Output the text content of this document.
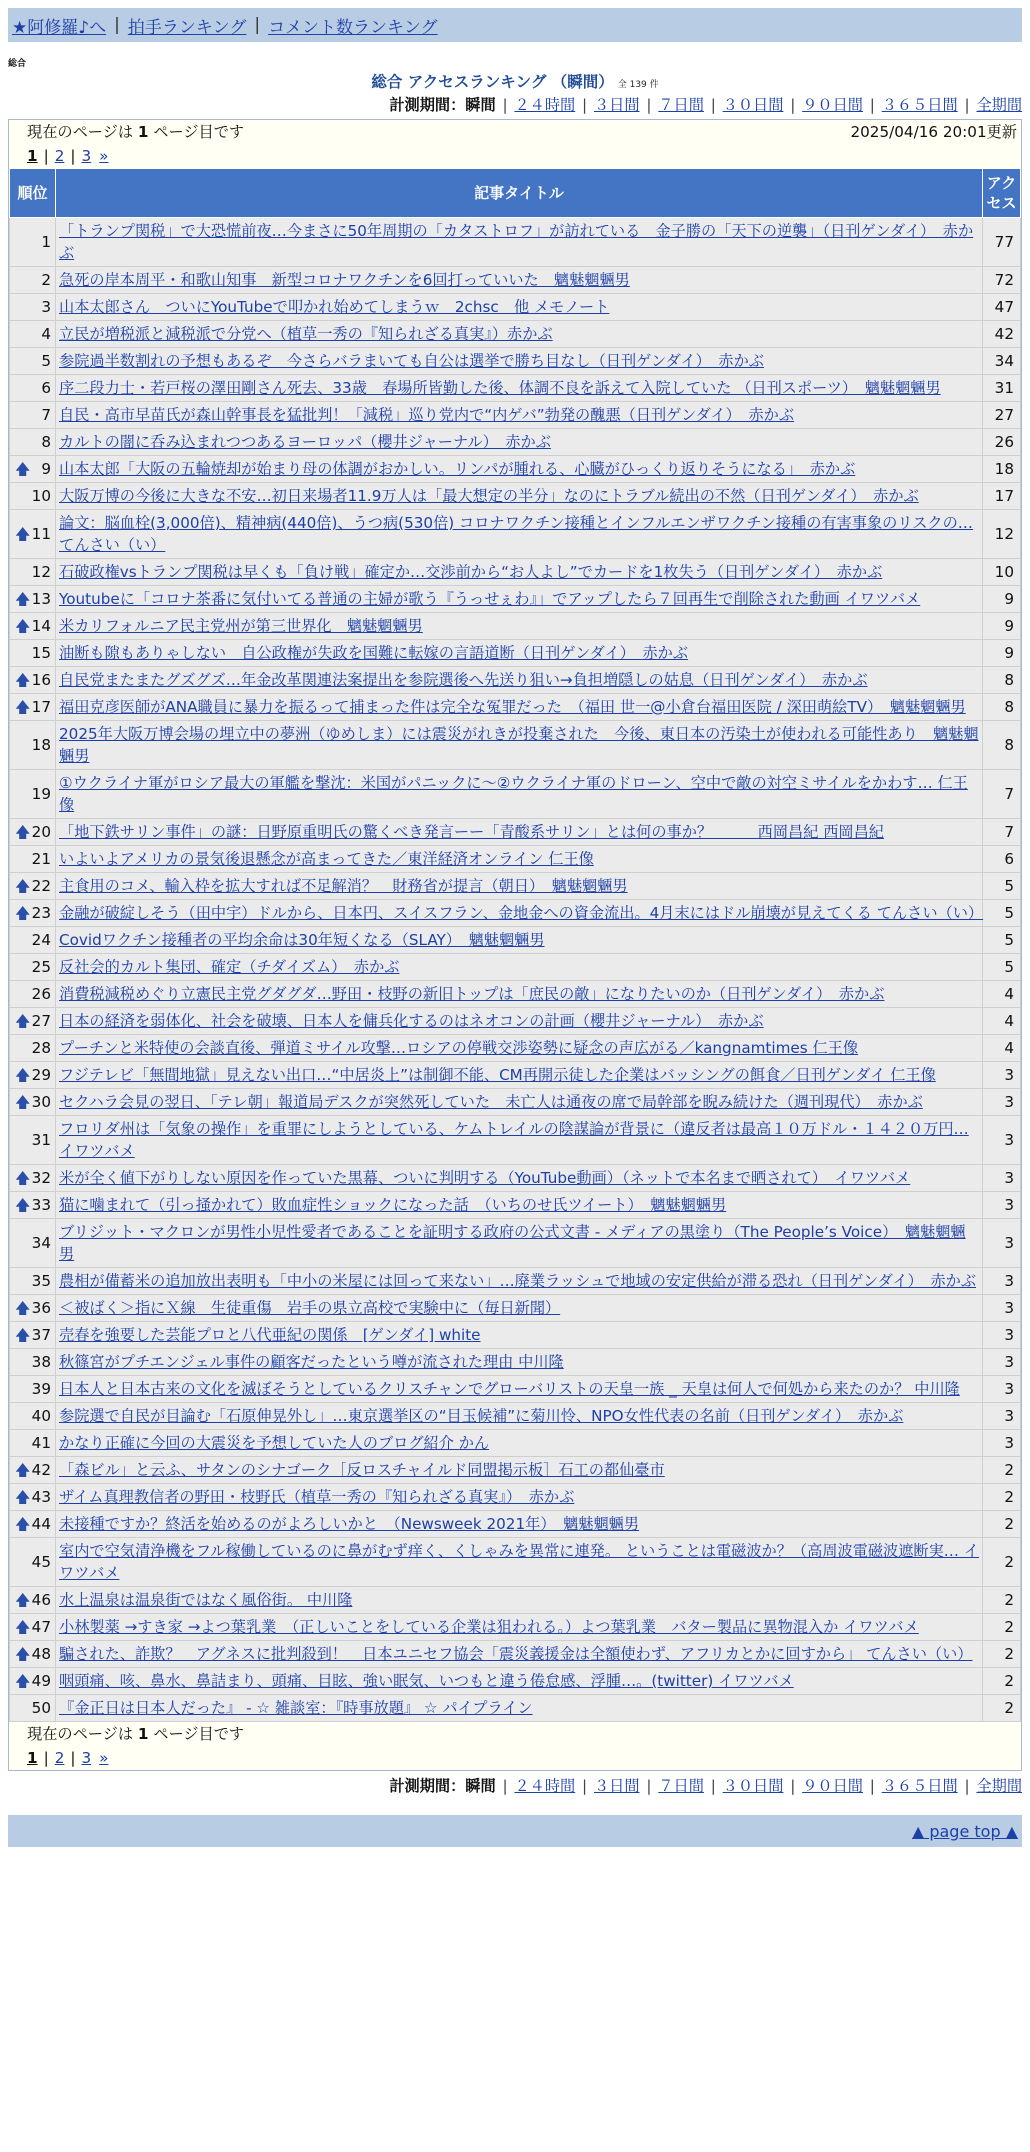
★阿修羅♪へ | 拍手ランキング | コメント数ランキング
総合
総合 アクセスランキング （瞬間） 全 139 件
計測期間：瞬間 | ２４時間 | ３日間 | ７日間 | ３０日間 | ９０日間 | ３６５日間 | 全期間
現在のページは 1 ページ目です	2025/04/16 20:01更新
1 | 2 | 3 »
順位	記事タイトル	アクセス
1	「トランプ関税」で大恐慌前夜…今まさに50年周期の「カタストロフ」が訪れている　金子勝の「天下の逆襲」（日刊ゲンダイ）　赤かぶ	77
2	急死の岸本周平・和歌山知事　新型コロナワクチンを6回打っていいた　魑魅魍魎男	72
3	山本太郎さん　ついにYouTubeで叩かれ始めてしまうｗ　2chsc　他 メモノート	47
4	立民が増税派と減税派で分党へ（植草一秀の『知られざる真実』）赤かぶ	42
5	参院過半数割れの予想もあるぞ　今さらバラまいても自公は選挙で勝ち目なし（日刊ゲンダイ）　赤かぶ	34
6	序二段力士・若戸桜の澤田剛さん死去、33歳　春場所皆勤した後、体調不良を訴えて入院していた （日刊スポーツ）　魑魅魍魎男	31
7	自民・高市早苗氏が森山幹事長を猛批判！「減税」巡り党内で“内ゲバ”勃発の醜悪（日刊ゲンダイ）　赤かぶ	27
8	カルトの闇に呑み込まれつつあるヨーロッパ（櫻井ジャーナル）　赤かぶ	26

🡅 9	山本太郎「大阪の五輪焼却が始まり母の体調がおかしい。リンパが腫れる、心臓がひっくり返りそうになる」　赤かぶ	18
10	大阪万博の今後に大きな不安…初日来場者11.9万人は「最大想定の半分」なのにトラブル続出の不然（日刊ゲンダイ）　赤かぶ	17

🡅 11	論文：脳血栓(3,000倍)、精神病(440倍)、うつ病(530倍) コロナワクチン接種とインフルエンザワクチン接種の有害事象のリスクの… てんさい（い）	12
12	石破政権vsトランプ関税は早くも「負け戦」確定か…交渉前から“お人よし”でカードを1枚失う（日刊ゲンダイ）　赤かぶ	10

🡅 13	Youtubeに「コロナ茶番に気付いてる普通の主婦が歌う『うっせぇわ』」でアップしたら７回再生で削除された動画 イワツバメ	9

🡅 14	米カリフォルニア民主党州が第三世界化　魑魅魍魎男	9
15	油断も隙もありゃしない　自公政権が失政を国難に転嫁の言語道断（日刊ゲンダイ）　赤かぶ	9

🡅 16	自民党またまたグズグズ…年金改革関連法案提出を参院選後へ先送り狙い→負担増隠しの姑息（日刊ゲンダイ）　赤かぶ	8

🡅 17	福田克彦医師がANA職員に暴力を振るって捕まった件は完全な冤罪だった　（福田 世一@小倉台福田医院 / 深田萌絵TV）　魑魅魍魎男	8
18	2025年大阪万博会場の埋立中の夢洲（ゆめしま）には震災がれきが投棄された　今後、東日本の汚染土が使われる可能性あり　魑魅魍魎男	8
19	①ウクライナ軍がロシア最大の軍艦を撃沈：米国がパニックに〜②ウクライナ軍のドローン、空中で敵の対空ミサイルをかわす… 仁王像	7

🡅 20	「地下鉄サリン事件」の謎：日野原重明氏の驚くべき発言ーー「青酸系サリン」とは何の事か？　　　西岡昌紀 西岡昌紀	7
21	いよいよアメリカの景気後退懸念が高まってきた／東洋経済オンライン 仁王像	6

🡅 22	主食用のコメ、輸入枠を拡大すれば不足解消？　財務省が提言（朝日）　魑魅魍魎男	5

🡅 23	金融が破綻しそう（田中宇）ドルから、日本円、スイスフラン、金地金への資金流出。4月末にはドル崩壊が見えてくる てんさい（い）	5
24	Covidワクチン接種者の平均余命は30年短くなる（SLAY）　魑魅魍魎男	5
25	反社会的カルト集団、確定（チダイズム）　赤かぶ	5
26	消費税減税めぐり立憲民主党グダグダ…野田・枝野の新旧トップは「庶民の敵」になりたいのか（日刊ゲンダイ）　赤かぶ	4

🡅 27	日本の経済を弱体化、社会を破壊、日本人を傭兵化するのはネオコンの計画（櫻井ジャーナル）　赤かぶ	4
28	プーチンと米特使の会談直後、弾道ミサイル攻撃…ロシアの停戦交渉姿勢に疑念の声広がる／kangnamtimes 仁王像	4

🡅 29	フジテレビ「無間地獄」見えない出口…“中居炎上”は制御不能、CM再開示徒した企業はバッシングの餌食／日刊ゲンダイ 仁王像	3

🡅 30	セクハラ会見の翌日、「テレ朝」報道局デスクが突然死していた　未亡人は通夜の席で局幹部を睨み続けた（週刊現代）　赤かぶ	3
31	フロリダ州は「気象の操作」を重罪にしようとしている、ケムトレイルの陰謀論が背景に（違反者は最高１０万ドル・１４２０万円… イワツバメ	3

🡅 32	米が全く値下がりしない原因を作っていた黒幕、ついに判明する（YouTube動画）（ネットで本名まで晒されて）　イワツバメ	3

🡅 33	猫に噛まれて（引っ掻かれて）敗血症性ショックになった話　（いちのせ氏ツイート）　魑魅魍魎男	3
34	ブリジット・マクロンが男性小児性愛者であることを証明する政府の公式文書 - メディアの黒塗り（The People’s Voice）　魑魅魍魎男	3
35	農相が備蓄米の追加放出表明も「中小の米屋には回って来ない」…廃業ラッシュで地域の安定供給が滞る恐れ（日刊ゲンダイ）　赤かぶ	3

🡅 36	＜被ばく＞指にＸ線　生徒重傷　岩手の県立高校で実験中に（毎日新聞）	3

🡅 37	売春を強要した芸能プロと八代亜紀の関係　[ゲンダイ] white	3
38	秋篠宮がプチエンジェル事件の顧客だったという噂が流された理由 中川隆	3
39	日本人と日本古来の文化を滅ぼそうとしているクリスチャンでグローバリストの天皇一族 _ 天皇は何人で何処から来たのか？ 中川隆	3
40	参院選で自民が目論む「石原伸晃外し」…東京選挙区の“目玉候補”に菊川怜、NPO女性代表の名前（日刊ゲンダイ）　赤かぶ	3
41	かなり正確に今回の大震災を予想していた人のブログ紹介 かん	3

🡅 42	「森ビル」と云ふ、サタンのシナゴーク［反ロスチャイルド同盟掲示板］石工の都仙臺市	2

🡅 43	ザイム真理教信者の野田・枝野氏（植草一秀の『知られざる真実』）　赤かぶ	2

🡅 44	未接種ですか？終活を始めるのがよろしいかと　（Newsweek 2021年）　魑魅魍魎男	2
45	室内で空気清浄機をフル稼働しているのに鼻がむず痒く、くしゃみを異常に連発。 ということは電磁波か？（高周波電磁波遮断実… イワツバメ	2

🡅 46	水上温泉は温泉街ではなく風俗街。 中川隆	2

🡅 47	小林製薬 →すき家 →よつ葉乳業　（正しいことをしている企業は狙われる。）よつ葉乳業　バター製品に異物混入か イワツバメ	2

🡅 48	騙された、詐欺？　アグネスに批判殺到！　日本ユニセフ協会「震災義援金は全額使わず、アフリカとかに回すから」 てんさい（い）	2

🡅 49	咽頭痛、咳、鼻水、鼻詰まり、頭痛、目眩、強い眠気、いつもと違う倦怠感、浮腫…。(twitter) イワツバメ	2
50	『金正日は日本人だった』 - ☆ 雑談室：『時事放題』 ☆ パイプライン	2
現在のページは 1 ページ目です
1 | 2 | 3 »
計測期間：瞬間 | ２４時間 | ３日間 | ７日間 | ３０日間 | ９０日間 | ３６５日間 | 全期間
▲ page top ▲
